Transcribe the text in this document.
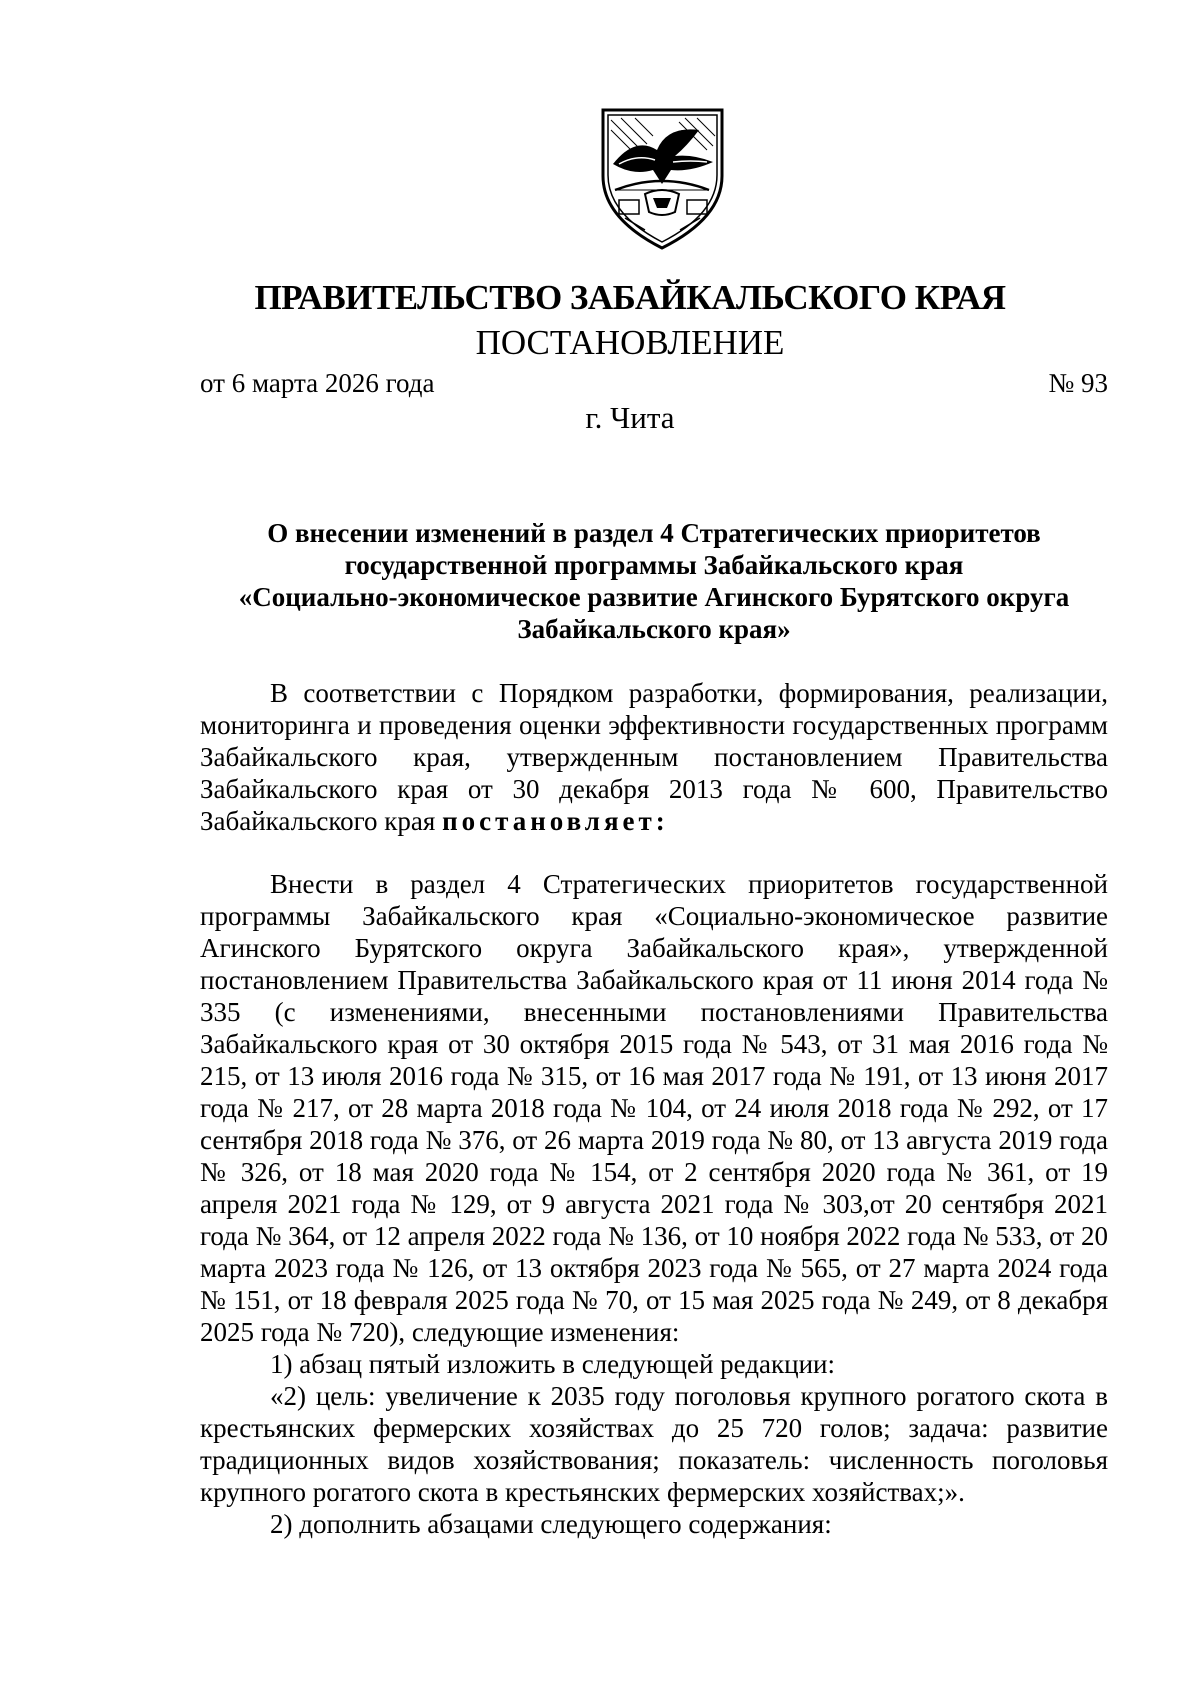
ПРАВИТЕЛЬСТВО ЗАБАЙКАЛЬСКОГО КРАЯ
ПОСТАНОВЛЕНИЕ
от 6 марта 2026 года	№ 93
г. Чита
О внесении изменений в раздел 4 Стратегических приоритетов
государственной программы Забайкальского края
«Социально-экономическое развитие Агинского Бурятского округа
Забайкальского края»

В соответствии с Порядком разработки, формирования, реализации, мониторинга и проведения оценки эффективности государственных программ Забайкальского края, утвержденным постановлением Правительства Забайкальского края от 30 декабря 2013 года № 600, Правительство Забайкальского края постановляет:

Внести в раздел 4 Стратегических приоритетов государственной программы Забайкальского края «Социально-экономическое развитие Агинского Бурятского округа Забайкальского края», утвержденной постановлением Правительства Забайкальского края от 11 июня 2014 года № 335 (с изменениями, внесенными постановлениями Правительства Забайкальского края от 30 октября 2015 года № 543, от 31 мая 2016 года № 215, от 13 июля 2016 года № 315, от 16 мая 2017 года № 191, от 13 июня 2017 года № 217, от 28 марта 2018 года № 104, от 24 июля 2018 года № 292, от 17 сентября 2018 года № 376, от 26 марта 2019 года № 80, от 13 августа 2019 года № 326, от 18 мая 2020 года № 154, от 2 сентября 2020 года № 361, от 19 апреля 2021 года № 129, от 9 августа 2021 года № 303,от 20 сентября 2021 года № 364, от 12 апреля 2022 года № 136, от 10 ноября 2022 года № 533, от 20 марта 2023 года № 126, от 13 октября 2023 года № 565, от 27 марта 2024 года № 151, от 18 февраля 2025 года № 70, от 15 мая 2025 года № 249, от 8 декабря 2025 года № 720), следующие изменения:

1) абзац пятый изложить в следующей редакции:

«2) цель: увеличение к 2035 году поголовья крупного рогатого скота в крестьянских фермерских хозяйствах до 25 720 голов; задача: развитие традиционных видов хозяйствования; показатель: численность поголовья крупного рогатого скота в крестьянских фермерских хозяйствах;».

2) дополнить абзацами следующего содержания:
